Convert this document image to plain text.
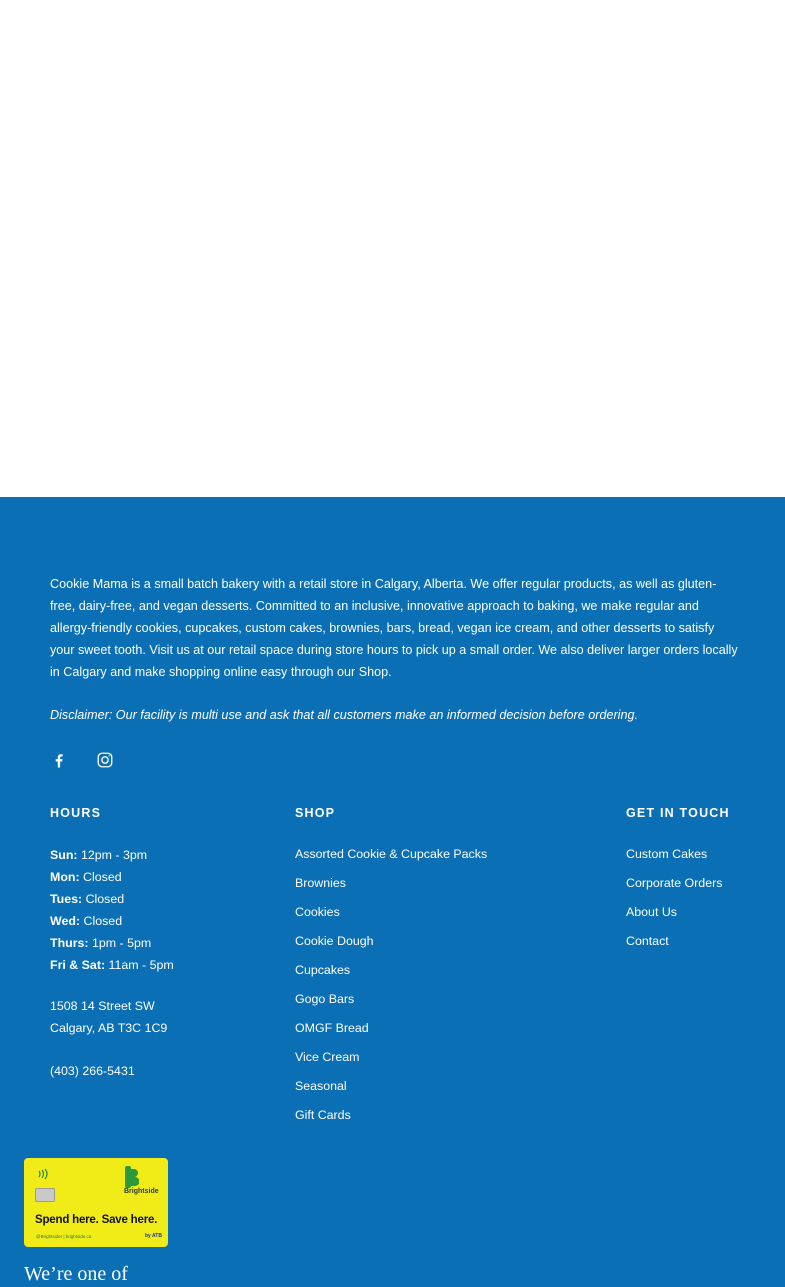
Cookie Mama is a small batch bakery with a retail store in Calgary, Alberta. We offer regular products, as well as gluten-free, dairy-free, and vegan desserts. Committed to an inclusive, innovative approach to baking, we make regular and allergy-friendly cookies, cupcakes, custom cakes, brownies, bars, bread, vegan ice cream, and other desserts to satisfy your sweet tooth. Visit us at our retail space during store hours to pick up a small order. We also deliver larger orders locally in Calgary and make shopping online easy through our Shop.

Disclaimer: Our facility is multi use and ask that all customers make an informed decision before ordering.

HOURS	SHOP	GET IN TOUCH
Sun: 12pm - 3pm
Mon: Closed
Tues: Closed
Wed: Closed
Thurs: 1pm - 5pm
Fri & Sat: 11am - 5pm
1508 14 Street SW
Calgary, AB T3C 1C9
(403) 266-5431
Assorted Cookie & Cupcake Packs
Brownies
Cookies
Cookie Dough
Cupcakes
Gogo Bars
OMGF Bread
Vice Cream
Seasonal
Gift Cards
Custom Cakes
Corporate Orders
About Us
Contact
Brightside
Spend here. Save here.
@Brightsider | brightside.ca	by ATB
We’re one of
